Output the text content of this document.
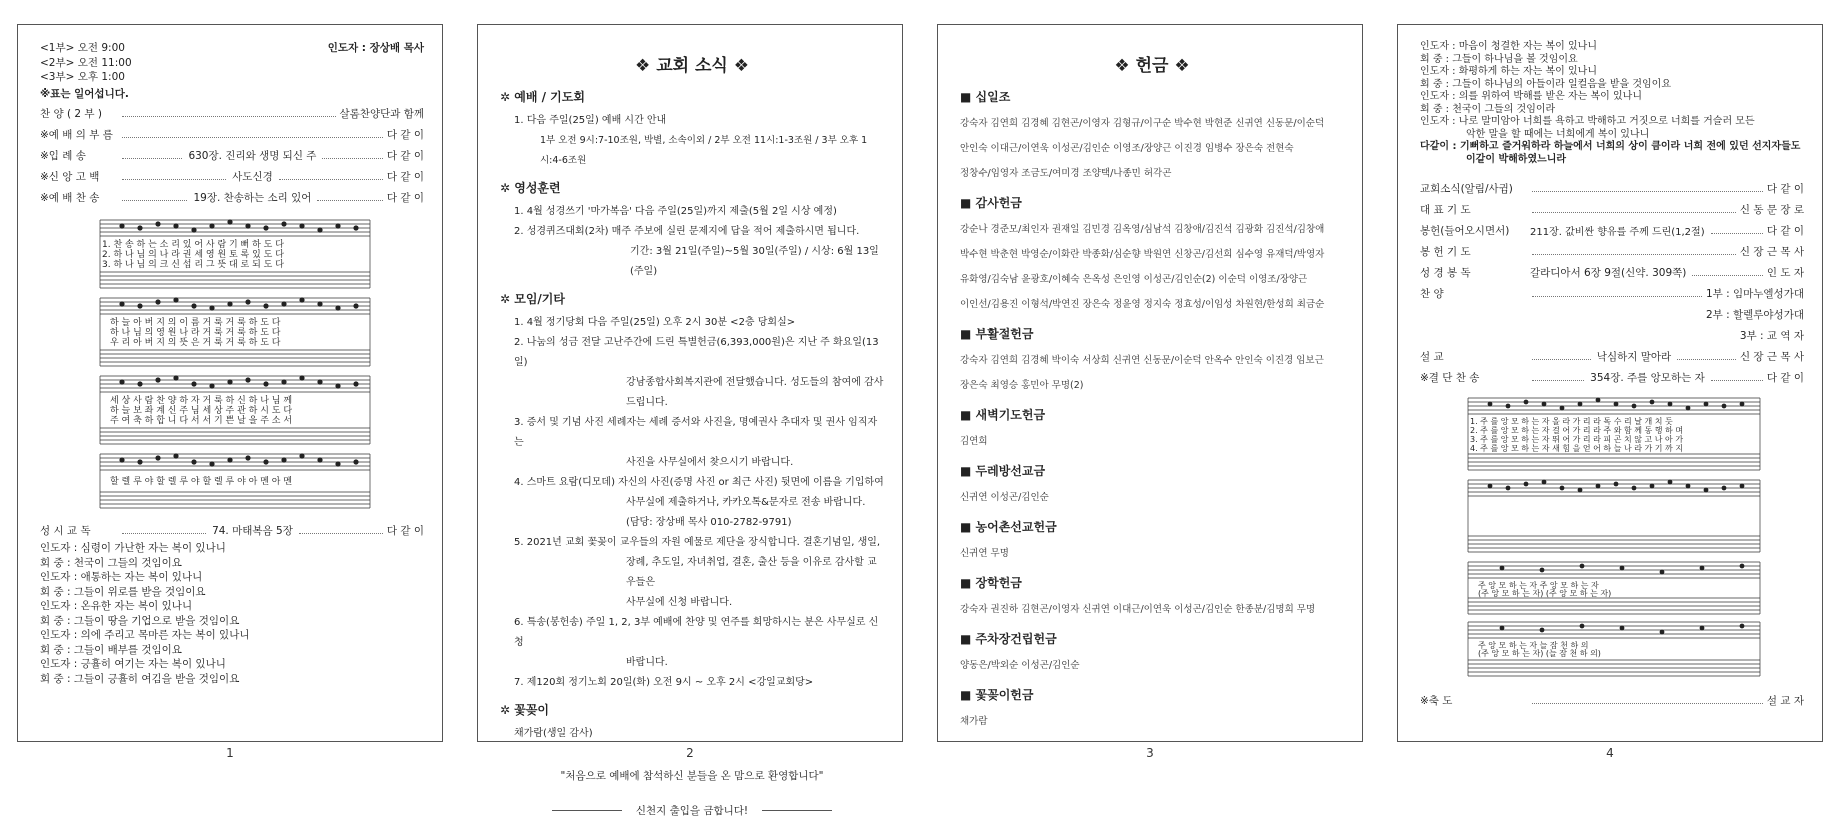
<1부> 오전 9:00
<2부> 오전 11:00
<3부> 오후 1:00
인도자 : 장상배 목사
※표는 일어섭니다.
찬 양 ( 2 부 )	살롬찬양단과 함께
※예 배 의 부 름	다 같 이
※입 례 송	630장. 진리와 생명 되신 주	다 같 이
※신 앙 고 백	사도신경	다 같 이
※예 배 찬 송	19장. 찬송하는 소리 있어	다 같 이
1. 찬 송 하 는 소 리 있 어 사 람 기 뻐 하 도 다
2. 하 나 님 의 나 라 권 세 영 원 토 록 있 도 다
3. 하 나 님 의 크 신 섭 리 그 뜻 대 로 되 도 다
하 늘 아 버 지 의 이 름 거 룩 거 룩 하 도 다
하 나 님 의 영 원 나 라 거 룩 거 룩 하 도 다
우 리 아 버 지 의 뜻 은 거 룩 거 룩 하 도 다
세 상 사 람 찬 양 하 자 거 룩 하 신 하 나 님 께
하 늘 보 좌 계 신 주 님 세 상 주 관 하 시 도 다
주 여 축 하 합 니 다 서 서 기 쁜 날 을 주 소 서
할 렐 루 야 할 렐 루 야 할 렐 루 야 아 멘 아 멘
성 시 교 독	74. 마태복음 5장	다 같 이
인도자 : 심령이 가난한 자는 복이 있나니
회 중 : 천국이 그들의 것임이요
인도자 : 애통하는 자는 복이 있나니
회 중 : 그들이 위로를 받을 것임이요
인도자 : 온유한 자는 복이 있나니
회 중 : 그들이 땅을 기업으로 받을 것임이요
인도자 : 의에 주리고 목마른 자는 복이 있나니
회 중 : 그들이 배부를 것임이요
인도자 : 긍휼히 여기는 자는 복이 있나니
회 중 : 그들이 긍휼히 여김을 받을 것임이요
1
❖ 교회 소식 ❖
✲ 예배 / 기도회
1. 다음 주일(25일) 예배 시간 안내
1부 오전 9시:7-10조원, 박별, 소속이외 / 2부 오전 11시:1-3조원 / 3부 오후 1시:4-6조원
✲ 영성훈련
1. 4월 성경쓰기 '마가복음' 다음 주일(25일)까지 제출(5월 2일 시상 예정)
2. 성경퀴즈대회(2차) 매주 주보에 실린 문제지에 답을 적어 제출하시면 됩니다.
기간: 3월 21일(주일)~5월 30일(주일) / 시상: 6월 13일(주일)
✲ 모임/기타
1. 4월 정기당회 다음 주일(25일) 오후 2시 30분 <2층 당회실>
2. 나눔의 성금 전달 고난주간에 드린 특별헌금(6,393,000원)은 지난 주 화요일(13일)
강남종합사회복지관에 전달했습니다. 성도들의 참여에 감사드립니다.
3. 증서 및 기념 사진 세례자는 세례 증서와 사진을, 명예권사 추대자 및 권사 임직자는
사진을 사무실에서 찾으시기 바랍니다.
4. 스마트 요람(디모데) 자신의 사진(증명 사진 or 최근 사진) 뒷면에 이름을 기입하여
사무실에 제출하거나, 카카오톡&문자로 전송 바랍니다.
(담당: 장상배 목사 010-2782-9791)
5. 2021년 교회 꽃꽂이 교우들의 자원 예물로 제단을 장식합니다. 결혼기념일, 생일,
장례, 추도일, 자녀취업, 결혼, 출산 등을 이유로 감사할 교우들은
사무실에 신청 바랍니다.
6. 특송(봉헌송) 주일 1, 2, 3부 예배에 찬양 및 연주를 희망하시는 분은 사무실로 신청
바랍니다.
7. 제120회 정기노회 20일(화) 오전 9시 ~ 오후 2시 <강일교회당>
✲ 꽃꽂이
채가람(생일 감사)
"처음으로 예배에 참석하신 분들을 온 맘으로 환영합니다"
신천지 출입을 금합니다!
2
❖ 헌금 ❖
■ 십일조
강숙자 김연희 김경혜 김현곤/이영자 김형규/이구순 박수현 박현준 신귀연 신동문/이순덕
안인숙 이대근/이연욱 이성곤/김인순 이영조/장양근 이진경 임병수 장은숙 전현숙
정창수/임영자 조금도/여미경 조양택/나종민 허각곤
■ 감사헌금
강순나 경준모/최인자 권재일 김민경 김옥영/심남석 김창애/김진석 김광화 김진석/김창애
박수현 박춘현 박영순/이화란 박종화/심순향 박원연 신창곤/김선희 심수영 유재덕/박영자
유화영/김숙남 윤광호/이혜숙 은옥성 은인영 이성곤/김인순(2) 이순덕 이영조/장양근
이인선/김용진 이형석/박연진 장은숙 정윤영 정지숙 정효성/이임성 차원현/한성희 최금순
■ 부활절헌금
강숙자 김연희 김경혜 박이숙 서상희 신귀연 신동문/이순덕 안옥수 안인숙 이진경 임보근
장은숙 최영승 홍민아 무명(2)
■ 새벽기도헌금
김연희
■ 두레방선교금
신귀연 이성곤/김인순
■ 농어촌선교헌금
신귀연 무명
■ 장학헌금
강숙자 권진하 김현곤/이영자 신귀연 이대근/이연욱 이성곤/김인순 한종분/김명희 무명
■ 주차장건립헌금
양동은/박외순 이성곤/김인순
■ 꽃꽂이헌금
채가람
3
인도자 : 마음이 청결한 자는 복이 있나니
회 중 : 그들이 하나님을 볼 것임이요
인도자 : 화평하게 하는 자는 복이 있나니
회 중 : 그들이 하나님의 아들이라 일컬음을 받을 것임이요
인도자 : 의를 위하여 박해를 받은 자는 복이 있나니
회 중 : 천국이 그들의 것임이라
인도자 : 나로 말미암아 너희를 욕하고 박해하고 거짓으로 너희를 거슬러 모든
악한 말을 할 때에는 너희에게 복이 있나니
다같이 : 기뻐하고 즐거워하라 하늘에서 너희의 상이 큼이라 너희 전에 있던 선지자들도
이같이 박해하였느니라
교회소식(알림/사귐)	다 같 이
대 표 기 도	신 동 문 장 로
봉헌(들어오시면서)	211장. 값비싼 향유를 주께 드린(1,2절)	다 같 이
봉 헌 기 도	신 장 근 목 사
성 경 봉 독	갈라디아서 6장 9절(신약. 309쪽)	인 도 자
찬 양	1부 : 임마누엘성가대
2부 : 할렐루야성가대
3부 : 교 역 자
설 교	낙심하지 말아라	신 장 근 목 사
※결 단 찬 송	354장. 주를 앙모하는 자	다 같 이
1. 주 를 앙 모 하 는 자 올 라 가 리 라 독 수 리 날 개 치 듯
2. 주 를 앙 모 하 는 자 걸 어 가 리 라 주 와 함 께 동 행 하 며
3. 주 를 앙 모 하 는 자 뛰 어 가 리 라 피 곤 치 않 고 나 아 가
4. 주 를 앙 모 하 는 자 새 힘 을 얻 어 하 늘 나 라 가 기 까 지
주 앙 모 하 는 자 주 앙 모 하 는 자
(주 앙 모 하 는 자) (주 앙 모 하 는 자)
주 앙 모 하 는 자 늘 잠 천 하 의
(주 앙 모 하 는 자) (늘 잠 천 하 의)
※축 도	설 교 자
4
